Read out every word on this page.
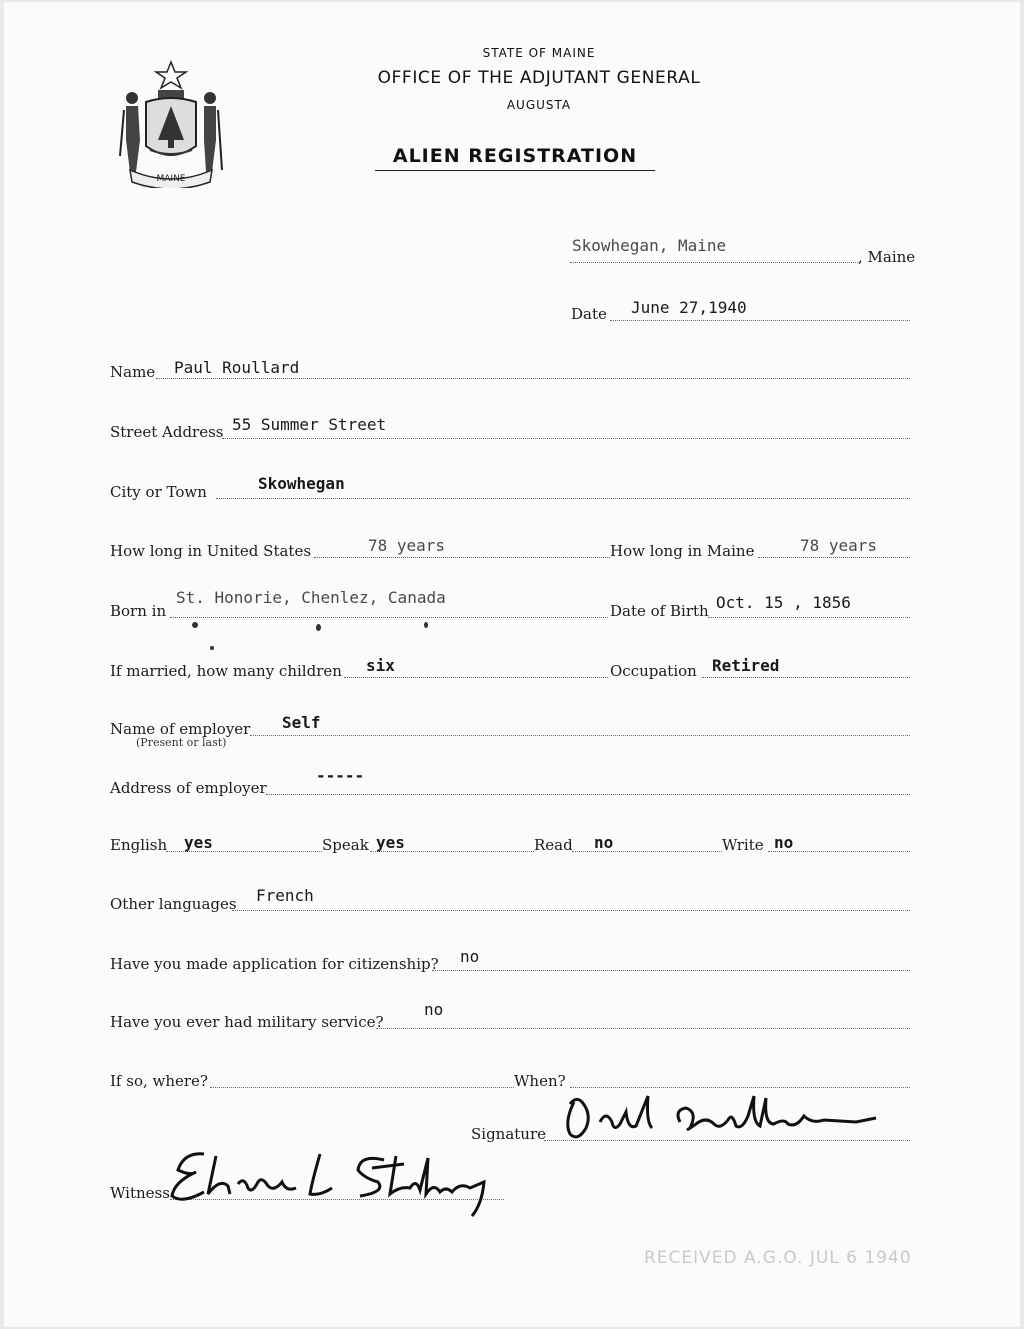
MAINE
STATE OF MAINE
OFFICE OF THE ADJUTANT GENERAL
AUGUSTA
ALIEN REGISTRATION
Skowhegan, Maine
, Maine
Date June 27,1940
Name Paul Roullard
Street Address 55 Summer Street
City or Town	Skowhegan
How long in United States	78 years	How long in Maine	78 years
Born in
St. Honorie, Chenlez, Canada
Date of Birth Oct. 15 , 1856
If married, how many children six	Occupation Retired
Name of employer
(Present or last)
Self
Address of employer
-----
English yes	Speak yes	Read no	Write no
Other languages French
Have you made application for citizenship? no
Have you ever had military service?
no
If so, where?	When?
Signature
Witness
RECEIVED A.G.O. JUL 6 1940
